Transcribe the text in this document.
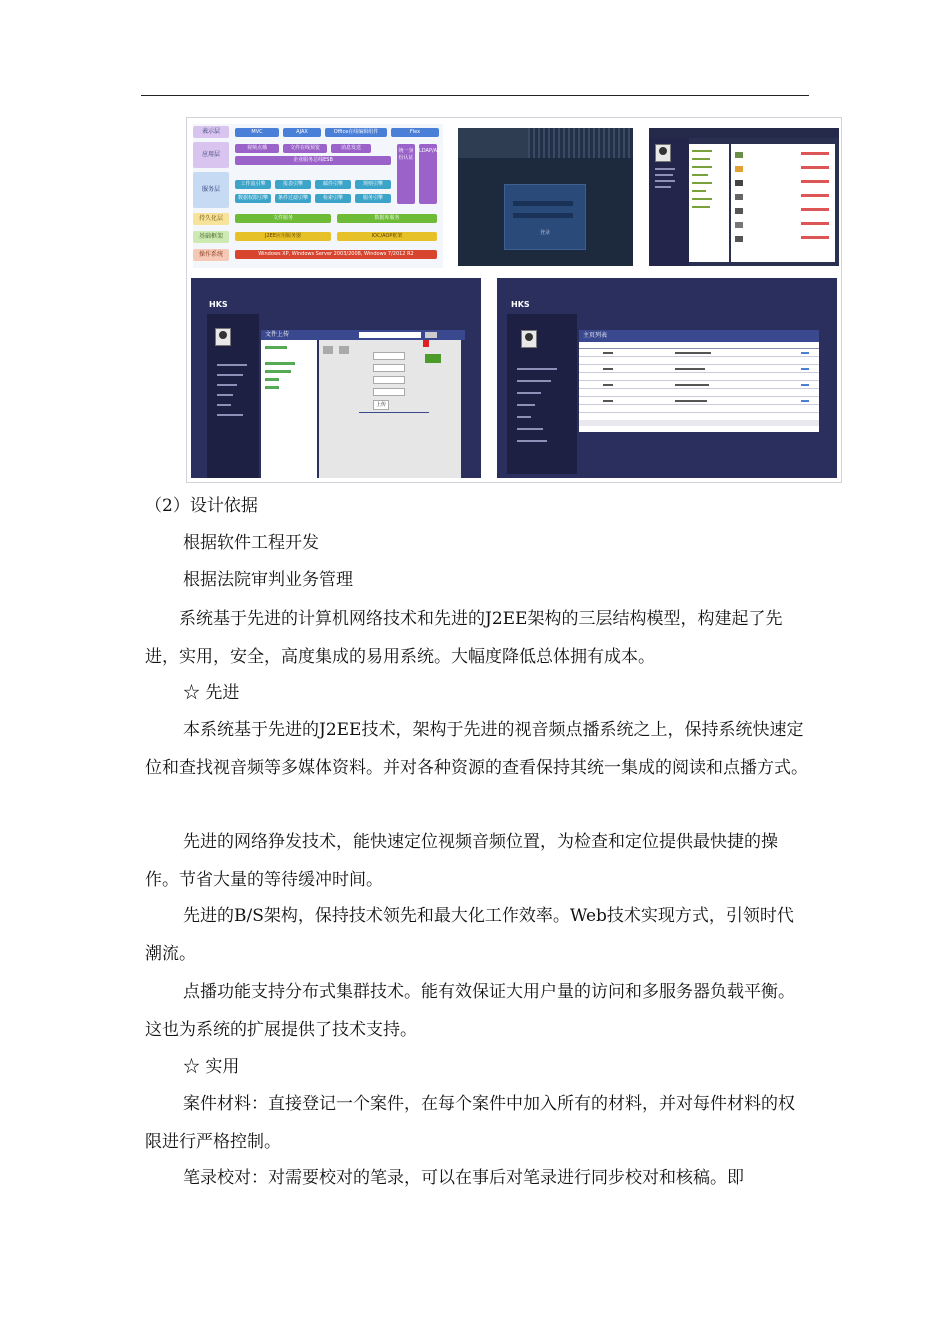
表示层	MVC	AJAX	Office在线编辑组件	Flex
应用层
视频点播	文件在线预览	消息发送
企业服务总线ESB
服务层
工作流引擎	报表引擎	邮件引擎	规则引擎
数据权限引擎	条件过滤引擎	检索引擎	服务引擎
统一身份认证
LDAP/AD
持久化层	文件服务	数据库服务
基础框架	J2EE应用服务器	IOC/AOP框架
操作系统	Windows XP, Windows Server 2003/2008, Windows 7/2012 R2
登录
HKS
文件上传
上传
HKS
主页列表
（2）设计依据
根据软件工程开发
根据法院审判业务管理

系统基于先进的计算机网络技术和先进的J2EE架构的三层结构模型，构建起了先进，实用，安全，高度集成的易用系统。大幅度降低总体拥有成本。

☆ 先进

本系统基于先进的J2EE技术，架构于先进的视音频点播系统之上，保持系统快速定位和查找视音频等多媒体资料。并对各种资源的查看保持其统一集成的阅读和点播方式。

先进的网络狰发技术，能快速定位视频音频位置，为检查和定位提供最快捷的操作。节省大量的等待缓冲时间。

先进的B/S架构，保持技术领先和最大化工作效率。Web技术实现方式，引领时代潮流。

点播功能支持分布式集群技术。能有效保证大用户量的访问和多服务器负载平衡。这也为系统的扩展提供了技术支持。

☆ 实用

案件材料：直接登记一个案件，在每个案件中加入所有的材料，并对每件材料的权限进行严格控制。

笔录校对：对需要校对的笔录，可以在事后对笔录进行同步校对和核稿。即
